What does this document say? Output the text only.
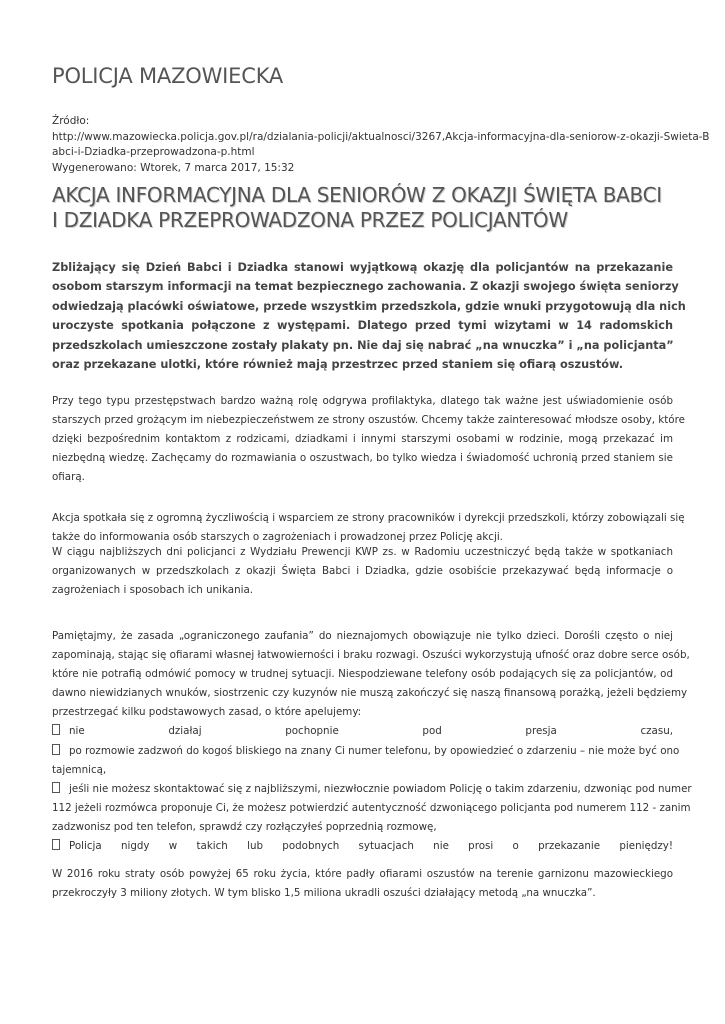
POLICJA MAZOWIECKA
Źródło:
http://www.mazowiecka.policja.gov.pl/ra/dzialania-policji/aktualnosci/3267,Akcja-informacyjna-dla-seniorow-z-okazji-Swieta-B
abci-i-Dziadka-przeprowadzona-p.html
Wygenerowano: Wtorek, 7 marca 2017, 15:32
AKCJA INFORMACYJNA DLA SENIORÓW Z OKAZJI ŚWIĘTA BABCI
I DZIADKA PRZEPROWADZONA PRZEZ POLICJANTÓW
Zbliżający się Dzień Babci i Dziadka stanowi wyjątkową okazję dla policjantów na przekazanie
osobom starszym informacji na temat bezpiecznego zachowania. Z okazji swojego święta seniorzy
odwiedzają placówki oświatowe, przede wszystkim przedszkola, gdzie wnuki przygotowują dla nich
uroczyste spotkania połączone z występami. Dlatego przed tymi wizytami w 14 radomskich
przedszkolach umieszczone zostały plakaty pn. Nie daj się nabrać „na wnuczka” i „na policjanta”
oraz przekazane ulotki, które również mają przestrzec przed staniem się ofiarą oszustów.
Przy tego typu przestępstwach bardzo ważną rolę odgrywa profilaktyka, dlatego tak ważne jest uświadomienie osób
starszych przed grożącym im niebezpieczeństwem ze strony oszustów. Chcemy także zainteresować młodsze osoby, które
dzięki bezpośrednim kontaktom z rodzicami, dziadkami i innymi starszymi osobami w rodzinie, mogą przekazać im
niezbędną wiedzę. Zachęcamy do rozmawiania o oszustwach, bo tylko wiedza i świadomość uchronią przed staniem sie
ofiarą.
Akcja spotkała się z ogromną życzliwością i wsparciem ze strony pracowników i dyrekcji przedszkoli, którzy zobowiązali się
także do informowania osób starszych o zagrożeniach i prowadzonej przez Policję akcji.
W ciągu najbliższych dni policjanci z Wydziału Prewencji KWP zs. w Radomiu uczestniczyć będą także w spotkaniach
organizowanych w przedszkolach z okazji Święta Babci i Dziadka, gdzie osobiście przekazywać będą informacje o
zagrożeniach i sposobach ich unikania.
Pamiętajmy, że zasada „ograniczonego zaufania” do nieznajomych obowiązuje nie tylko dzieci. Dorośli często o niej
zapominają, stając się ofiarami własnej łatwowierności i braku rozwagi. Oszuści wykorzystują ufność oraz dobre serce osób,
które nie potrafią odmówić pomocy w trudnej sytuacji. Niespodziewane telefony osób podających się za policjantów, od
dawno niewidzianych wnuków, siostrzenic czy kuzynów nie muszą zakończyć się naszą finansową porażką, jeżeli będziemy
przestrzegać kilku podstawowych zasad, o które apelujemy:
nie działaj pochopnie pod presja czasu,
po rozmowie zadzwoń do kogoś bliskiego na znany Ci numer telefonu, by opowiedzieć o zdarzeniu – nie może być ono
tajemnicą,
jeśli nie możesz skontaktować się z najbliższymi, niezwłocznie powiadom Policję o takim zdarzeniu, dzwoniąc pod numer
112 jeżeli rozmówca proponuje Ci, że możesz potwierdzić autentyczność dzwoniącego policjanta pod numerem 112 - zanim
zadzwonisz pod ten telefon, sprawdź czy rozłączyłeś poprzednią rozmowę,
Policja nigdy w takich lub podobnych sytuacjach nie prosi o przekazanie pieniędzy!
W 2016 roku straty osób powyżej 65 roku życia, które padły ofiarami oszustów na terenie garnizonu mazowieckiego
przekroczyły 3 miliony złotych. W tym blisko 1,5 miliona ukradli oszuści działający metodą „na wnuczka”.
